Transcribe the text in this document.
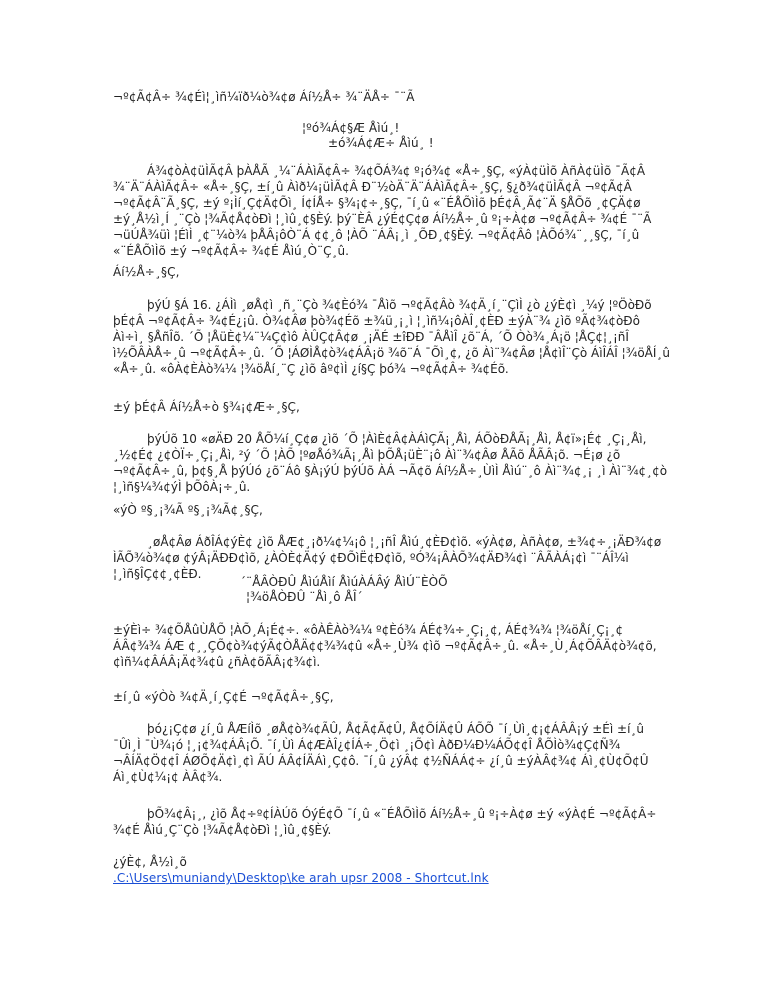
¬º¢Ã¢Â÷ ¾¢Éì¦¸ìñ¼ïð¼ò¾¢ø Áí½Å÷ ¾¨ÄÅ÷ ¯¨Ã
¦ºó¾Á¢§Æ Åìú¸!
±ó¾Á¢Æ÷ Åìú¸ !
Á¾¢òÀ¢üÌÃ¢Â þÀÅÃ ¸¼¨ÁÀìÃ¢Â÷ ¾¢ÕÁ¾¢ º¡ó¾¢ «Å÷¸§Ç, «ýÀ¢üÌõ ÀñÀ¢üÌõ ¯Ã¢Â ¾¨Ä¨ÁÀìÃ¢Â÷ «Å÷¸§Ç, ±í¸û Àìð¼¡üÌÃ¢Â Ð¨½òÄ¨Ä¨ÁÀìÃ¢Â÷¸§Ç, §¿ð¾¢üÌÃ¢Â ¬º¢Ã¢Â ¬º¢Ã¢Â¨Ã¸§Ç, ±ý º¡Ìí¸Ç¢Ä¢Õì¸ Í¢ÍÅ÷ §¾¡¢÷¸§Ç, ¯í¸û «¨ÉÅÕìÌõ þÉ¢Â¸Ã¢¨Ä §ÅÕõ ¸¢ÇÄ¢ø ±ý¸Å½ì¸Í ¸¨Çò ¦¾Ã¢Å¢òÐì ¦¸ìû¸¢§Èý. þý¨ÈÂ ¿ýÉ¢Ç¢ø Áí½Å÷¸û º¡÷À¢ø ¬º¢Ã¢Â÷ ¾¢É ¯¨Ã ¬üÚÅ¾üì ¦ÉìÌ ¸¢¨¼ò¾ þÅÂ¡ôÒ¨Á ¢¢¸ô ¦ÀÕ ¨ÁÂ¡¸ì ¸ÕÐ¸¢§Èý. ¬º¢Ã¢Âô ¦ÀÕó¾¨¸¸§Ç, ¯í¸û «¨ÉÅÕìÌõ ±ý ¬º¢Ã¢Â÷ ¾¢É Åìú¸Ò¨Ç¸û.
Áí½Å÷¸§Ç,
þýÚ §Á 16. ¿ÁÌì ¸øÅ¢ì ¸ñ¸¨Çò ¾¢Èó¾ ¯Åìõ ¬º¢Ã¢Âò ¾¢Ä¸í¸¨ÇìÌ ¿ò ¿ýÈ¢ì ¸¼ý ¦ºÖòÐõ þÉ¢Â ¬º¢Ã¢Â÷ ¾¢É¿¡û. Ò¾¢Âø þò¾¢Éõ ±¾ü¸¡¸ì ¦¸ìñ¼¡ôÀÎ¸¢ÈÐ ±ýÀ¨¾ ¿ìõ ºÃ¢¾¢òÐô Àì÷ì¸ §ÅñÎõ. ´Õ ¦ÅüÈ¢¼¨¼Ç¢ìô ÀÛÇ¢Â¢ø ¸¡ÄÉ ±îÐÐ ¯ÂÅìÎ ¿õ¨Á, ´Õ Òò¾¸Á¡ö ¦ÅÇ¢¦¸¡ñÎ ì½ÕÂÀÅ÷¸û ¬º¢Ã¢Â÷¸û. ´Õ ¦ÁØÌÅ¢ò¾¢ÁÂ¡ö ¾õ¨Á ¯Õì¸¢, ¿õ Àì¨¾¢Âø ¦Å¢ìÎ¨Çò ÁìÎÁÎ ¦¾öÅÍ¸û «Å÷¸û. «ôÀ¢ÈÀò¾¼ ¦¾öÅí¸¨Ç ¿ìõ âº¢ìÌ ¿í§Ç þó¾ ¬º¢Ã¢Â÷ ¾¢Éõ.
±ý þÉ¢Â Áí½Å÷ò §¾¡¢Æ÷¸§Ç,
þýÚõ 10 «øÄÐ 20 ÅÕ¼í¸Ç¢ø ¿ìõ ´Õ ¦ÀìÈ¢Â¢ÀÁìÇÃ¡¸Åì, ÁÕòÐÅÃ¡¸Åì, Å¢ï»¡É¢ ¸Ç¡¸Åì, ¸½¢É¢ ¿¢ÒÏ÷¸Ç¡¸Åì, ²ý ´Õ ¦ÀÕ ¦ºøÅó¾Ã¡¸Åì þÕÅ¡üÈ¨¡ô Àì¨¾¢Âø ÅÃõ ÅÃÂ¡õ. ¬É¡ø ¿õ ¬º¢Ã¢Â÷¸û, þ¢§¸Å þýÚó ¿õ¨Áô §À¡ýÚ þýÚõ ÀÁ ¬Ã¢õ Áí½Å÷¸ÙìÌ Åìú¨¸ô Àì¨¾¢¸¡ ¸ì Àì¨¾¢¸¢ò ¦¸ìñ§¼¾¢ýÌ þÕôÀ¡÷¸û.
«ýÒ º§¸¡¾Ã º§¸¡¾Ã¢¸§Ç,
¸øÅ¢Âø ÁðÎÁ¢ýÈ¢ ¿ìõ ÅÆ¢¸¡ð¼¢¼¡ô ¦¸¡ñÎ Åìú¸¢ÈÐ¢ìõ. «ýÀ¢ø, ÀñÀ¢ø, ±¾¢÷¸¡ÄÐ¾¢ø ÌÃÕ¾ò¾¢ø ¢ýÂ¡ÄÐÐ¢ìõ, ¿ÀÒÈ¢Ä¢ý ¢ÐÕìË¢Ð¢ìõ, ºÓ¾¡ÂÀÕ¾¢ÄÐ¾¢ì ¨ÂÃÀÁ¡¢ì ¯¨ÁÎ¼ì ¦¸ìñ§ÎÇ¢¢¸¢ÈÐ.
´¨ÅÂÒÐÛ ÅìúÅìí ÅìúÀÁÂý ÅìÚ¨ÈÒÕ
¦¾öÅÒÐÛ ¨Åì¸ô ÅÎ´
±ýÈì÷ ¾¢ÕÅûÙÅÕ ¦ÀÕ¸Á¡É¢÷. «ôÀÊÀò¾¼ º¢Èó¾ ÁÉ¢¾÷¸Ç¡¸¢, ÁÉ¢¾¾ ¦¾öÅí¸Ç¡¸¢ ÁÂ¢¾¾ ÁÆ ¢¸¸ÇÕ¢ò¾¢ýÃ¢ÒÅÄ¢¢¾¾¢û «Å÷¸Ù¾ ¢ìõ ¬º¢Ã¢Â÷¸û. «Å÷¸Ù¸Á¢ÕÂÄ¢ò¾¢õ, ¢ìñ¼¢ÂÁÂ¡Ä¢¾¢û ¿ñÀ¢õÃÂ¡¢¾¢ì.
±í¸û «ýÒò ¾¢Ä¸í¸Ç¢É ¬º¢Ã¢Â÷¸§Ç,
þó¿¡Ç¢ø ¿í¸û ÅÆíÌõ ¸øÅ¢ò¾¢ÃÛ, Å¢Ã¢Ã¢Û, Å¢ÕÍÄ¢Û ÁÕÕ ¯í¸Ùì¸¢¡¢ÁÂÂ¡ý ±Éì ±í¸û ¯Ûì¸Ì ¯Ù¾¡ó ¦¸¡¢¾¢ÁÂ¡Õ. ¯í¸Ùì Á¢ÆÀÎ¿¢ÍÁ÷¸Ö¢ì ¸¡Õ¢ì ÀðÐ¼Ð¼ÁÕ¢¢Î ÅÕÌò¾¢Ç¢Ñ¾ ¬ÂÍÄ¢Ö¢¢Î ÁØÕ¢Ä¢ì¸¢ì ÃÚ ÁÂ¢ÍÄÁì¸Ç¢ô. ¯í¸û ¿ýÂ¢ ¢½ÑÁÁ¢÷ ¿í¸û ±ýÀÂ¢¾¢ Áì¸¢Ù¢Õ¢Û Áì¸¢Ù¢¼¡¢ ÀÂ¢¾.
þÕ¾¢Â¡¸, ¿ìõ Å¢÷º¢ÍÀÚõ ÓýÉ¢Õ ¯í¸û «¨ÉÅÕìÌõ Áí½Å÷¸û º¡÷À¢ø ±ý «ýÀ¢É ¬º¢Ã¢Â÷ ¾¢É Åìú¸Ç¨Çò ¦¾Ã¢Å¢òÐì ¦¸ìû¸¢§Èý.
¿ýÈ¢, Å½ì¸õ
.C:\Users\muniandy\Desktop\ke arah upsr 2008 - Shortcut.lnk
